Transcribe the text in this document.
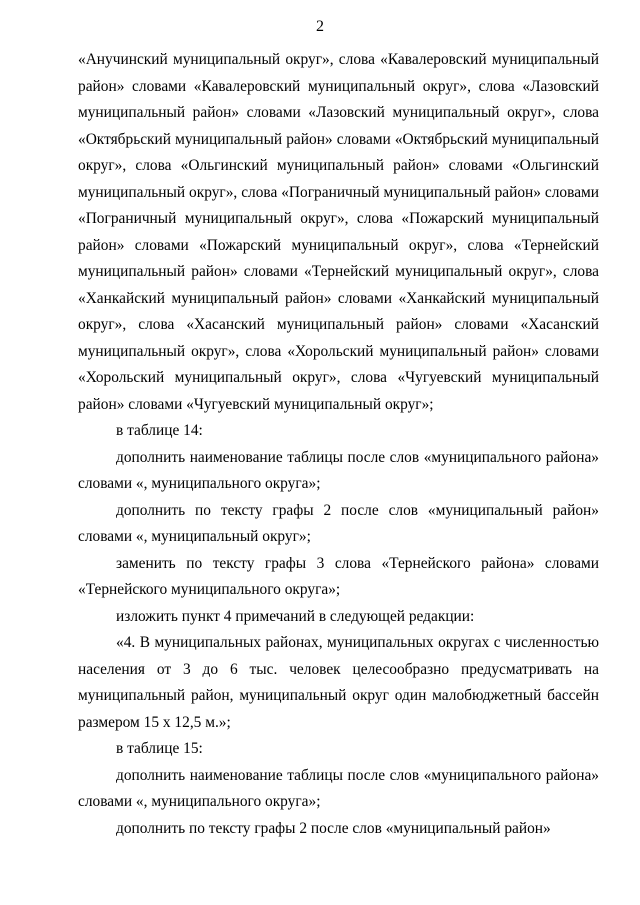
2

«Анучинский муниципальный округ», слова «Кавалеровский муниципальный район» словами «Кавалеровский муниципальный округ», слова «Лазовский муниципальный район» словами «Лазовский муниципальный округ», слова «Октябрьский муниципальный район» словами «Октябрьский муниципальный округ», слова «Ольгинский муниципальный район» словами «Ольгинский муниципальный округ», слова «Пограничный муниципальный район» словами «Пограничный муниципальный округ», слова «Пожарский муниципальный район» словами «Пожарский муниципальный округ», слова «Тернейский муниципальный район» словами «Тернейский муниципальный округ», слова «Ханкайский муниципальный район» словами «Ханкайский муниципальный округ», слова «Хасанский муниципальный район» словами «Хасанский муниципальный округ», слова «Хорольский муниципальный район» словами «Хорольский муниципальный округ», слова «Чугуевский муниципальный район» словами «Чугуевский муниципальный округ»;

в таблице 14:

дополнить наименование таблицы после слов «муниципального района» словами «, муниципального округа»;

дополнить по тексту графы 2 после слов «муниципальный район» словами «, муниципальный округ»;

заменить по тексту графы 3 слова «Тернейского района» словами «Тернейского муниципального округа»;

изложить пункт 4 примечаний в следующей редакции:

«4. В муниципальных районах, муниципальных округах с численностью населения от 3 до 6 тыс. человек целесообразно предусматривать на муниципальный район, муниципальный округ один малобюджетный бассейн размером 15 х 12,5 м.»;

в таблице 15:

дополнить наименование таблицы после слов «муниципального района» словами «, муниципального округа»;

дополнить по тексту графы 2 после слов «муниципальный район»
